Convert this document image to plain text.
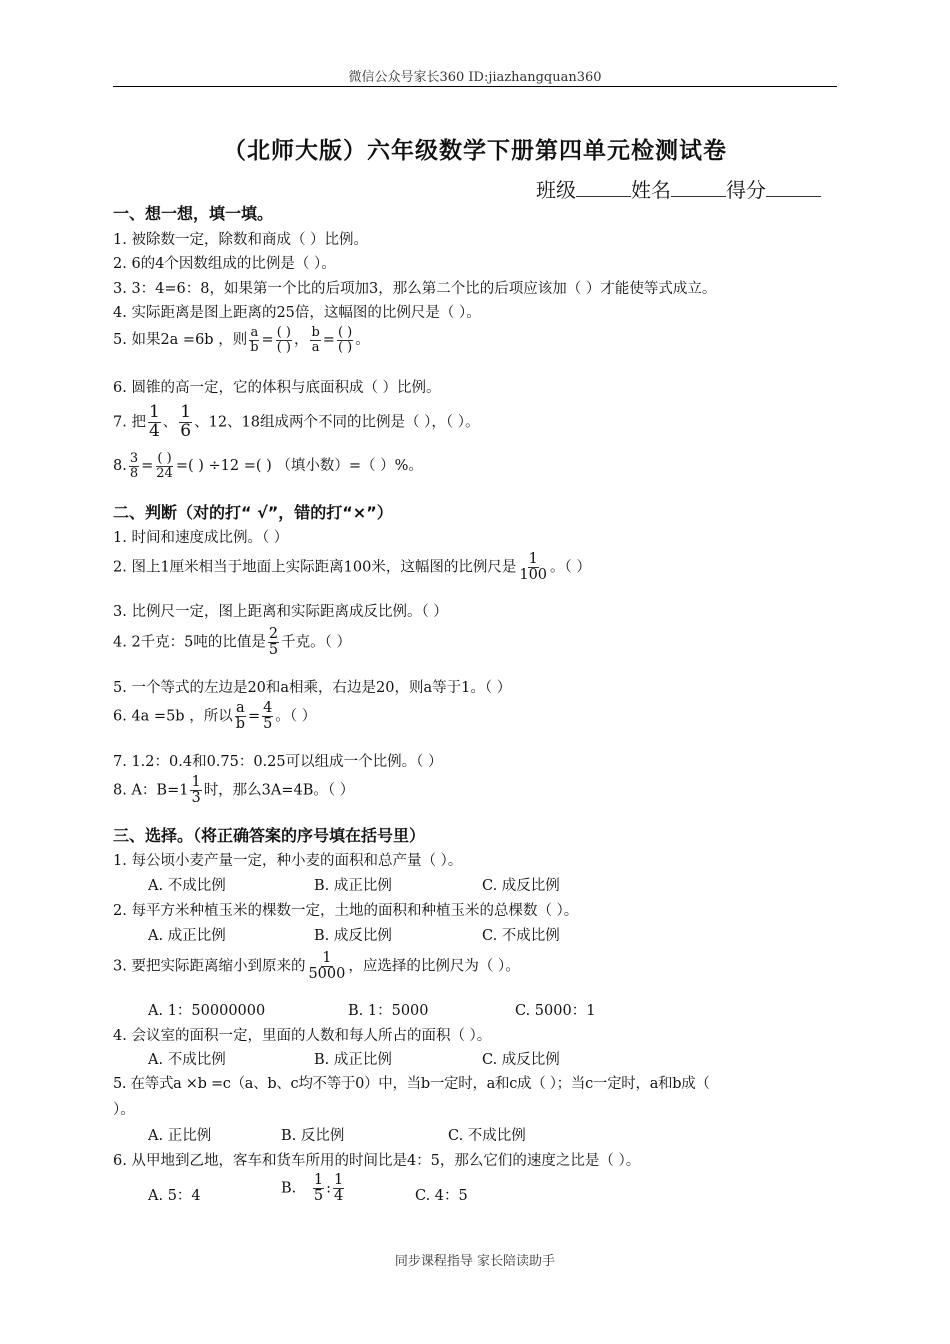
微信公众号家长360 ID:jiazhangquan360
（北师大版）六年级数学下册第四单元检测试卷
班级	姓名	得分
一、想一想，填一填。
1. 被除数一定，除数和商成（ ）比例。
2. 6的4个因数组成的比例是（ ）。
3. 3：4=6：8，如果第一个比的后项加3，那么第二个比的后项应该加（ ）才能使等式成立。
4. 实际距离是图上距离的25倍，这幅图的比例尺是（ ）。
5. 如果2a =6b ，则 $\frac{a}{b} = \frac{( )}{( )}$ ， $\frac{b}{a} = \frac{( )}{( )}$ 。
6. 圆锥的高一定，它的体积与底面积成（ ）比例。
7. 把 $\frac{1}{4}$ 、 $\frac{1}{6}$ 、12、18组成两个不同的比例是（ ），（ ）。
8. $\frac{3}{8} = \frac{( )}{24}$ =( ) ÷12 =( ) （填小数）=（ ）%。
二、判断（对的打“ √”，错的打“×”）
1. 时间和速度成比例。（ ）
2. 图上1厘米相当于地面上实际距离100米，这幅图的比例尺是 $\frac{1}{100}$ 。（ ）
3. 比例尺一定，图上距离和实际距离成反比例。（ ）
4. 2千克：5吨的比值是 $\frac{2}{5}$ 千克。（ ）
5. 一个等式的左边是20和a相乘，右边是20，则a等于1。（ ）
6. 4a =5b ，所以 $\frac{a}{b} = \frac{4}{5}$ 。（ ）
7. 1.2：0.4和0.75：0.25可以组成一个比例。（ ）
8. A：$B=1 \frac{1}{3}$ 时，那么3A=4B。（ ）
三、选择。（将正确答案的序号填在括号里）
1. 每公顷小麦产量一定，种小麦的面积和总产量（ ）。
A. 不成比例	B. 成正比例	C. 成反比例
2. 每平方米种植玉米的棵数一定，土地的面积和种植玉米的总棵数（ ）。
A. 成正比例	B. 成反比例	C. 不成比例
3. 要把实际距离缩小到原来的 $\frac{1}{5000}$ ，应选择的比例尺为（ ）。
A. 1：50000000	B. 1：5000	C. 5000：1
4. 会议室的面积一定，里面的人数和每人所占的面积（ ）。
A. 不成比例	B. 成正比例	C. 成反比例
5. 在等式a ×b =c（a、b、c均不等于0）中，当b一定时，a和c成（ ）；当c一定时，a和b成（
）。
A. 正比例	B. 反比例	C. 不成比例
6. 从甲地到乙地，客车和货车所用的时间比是4：5，那么它们的速度之比是（ ）。
A. 5：4	B. $\frac{1}{5}$ : $\frac{1}{4}$	C. 4：5
同步课程指导 家长陪读助手
